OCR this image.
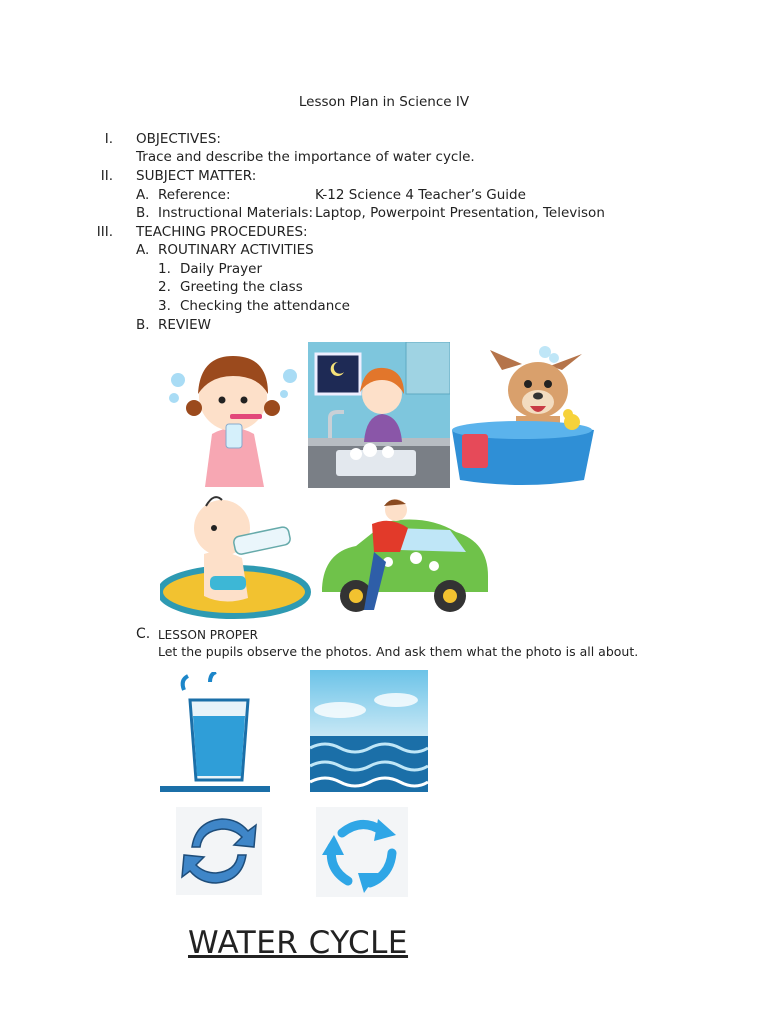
Lesson Plan in Science IV
I. OBJECTIVES:
Trace and describe the importance of water cycle.
II. SUBJECT MATTER:
A. Reference:	K-12 Science 4 Teacher’s Guide
B. Instructional Materials: Laptop, Powerpoint Presentation, Televison
III. TEACHING PROCEDURES:
A. ROUTINARY ACTIVITIES
1. Daily Prayer
2. Greeting the class
3. Checking the attendance
B. REVIEW
C. LESSON PROPER
Let the pupils observe the photos. And ask them what the photo is all about.
WATER CYCLE
